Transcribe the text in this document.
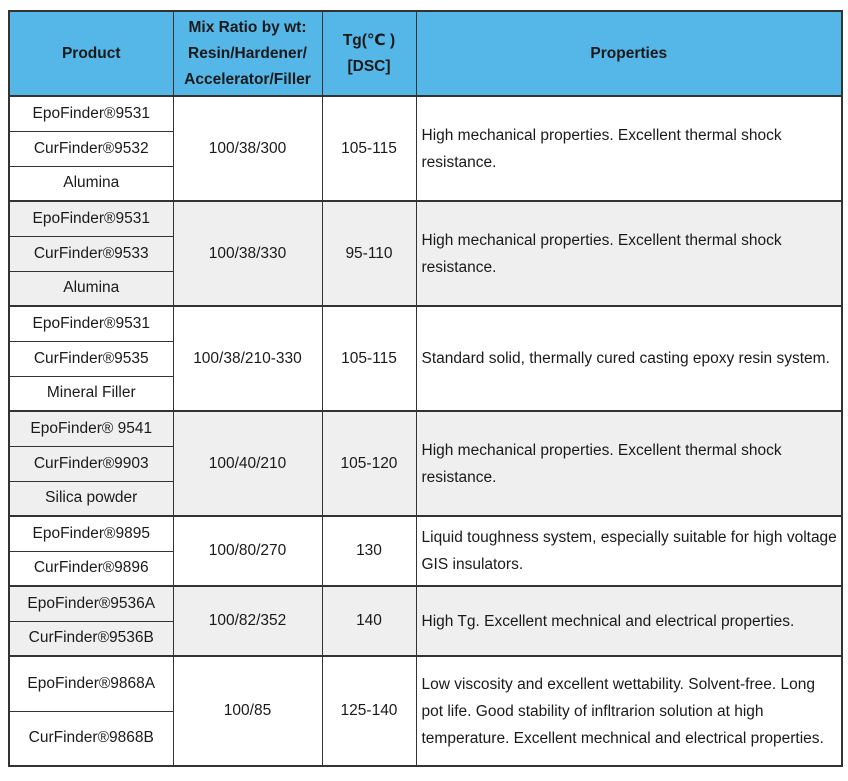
Product

Mix Ratio by wt:
Resin/Hardener/
Accelerator/Filler

Tg(℃ )
[DSC]

Properties

EpoFinder®9531	100/38/300	105-115	High mechanical properties. Excellent thermal shock resistance.
CurFinder®9532			
Alumina			
EpoFinder®9531	100/38/330	95-110	High mechanical properties. Excellent thermal shock resistance.
CurFinder®9533			
Alumina			
EpoFinder®9531	100/38/210-330	105-115	Standard solid, thermally cured casting epoxy resin system.
CurFinder®9535			
Mineral Filler			
EpoFinder® 9541	100/40/210	105-120	High mechanical properties. Excellent thermal shock resistance.
CurFinder®9903			
Silica powder			
EpoFinder®9895	100/80/270	130	Liquid toughness system, especially suitable for high voltage GIS insulators.
CurFinder®9896			
EpoFinder®9536A	100/82/352	140	High Tg. Excellent mechnical and electrical properties.
CurFinder®9536B			
EpoFinder®9868A	100/85	125-140	Low viscosity and excellent wettability. Solvent-free. Long pot life. Good stability of infltrarion solution at high temperature. Excellent mechnical and electrical properties.
CurFinder®9868B			
